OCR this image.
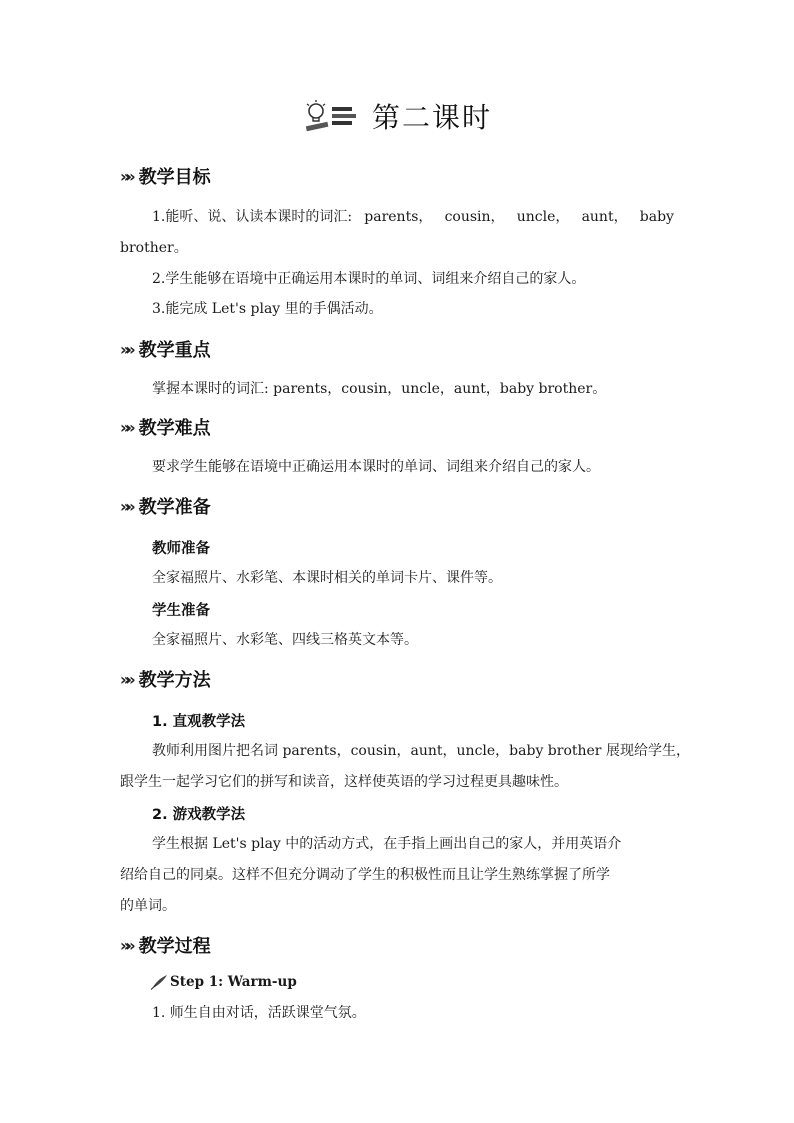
第二课时
»» 教学目标
1.能听、说、认读本课时的词汇: parents， cousin， uncle， aunt， baby
brother。
2.学生能够在语境中正确运用本课时的单词、词组来介绍自己的家人。
3.能完成 Let's play 里的手偶活动。
»» 教学重点
掌握本课时的词汇: parents，cousin，uncle，aunt，baby brother。
»» 教学难点
要求学生能够在语境中正确运用本课时的单词、词组来介绍自己的家人。
»» 教学准备
教师准备
全家福照片、水彩笔、本课时相关的单词卡片、课件等。
学生准备
全家福照片、水彩笔、四线三格英文本等。
»» 教学方法
1. 直观教学法
教师利用图片把名词 parents，cousin，aunt，uncle，baby brother 展现给学生，
跟学生一起学习它们的拼写和读音，这样使英语的学习过程更具趣味性。
2. 游戏教学法
学生根据 Let's play 中的活动方式，在手指上画出自己的家人，并用英语介
绍给自己的同桌。这样不但充分调动了学生的积极性而且让学生熟练掌握了所学
的单词。
»» 教学过程
Step 1: Warm-up
1. 师生自由对话，活跃课堂气氛。
